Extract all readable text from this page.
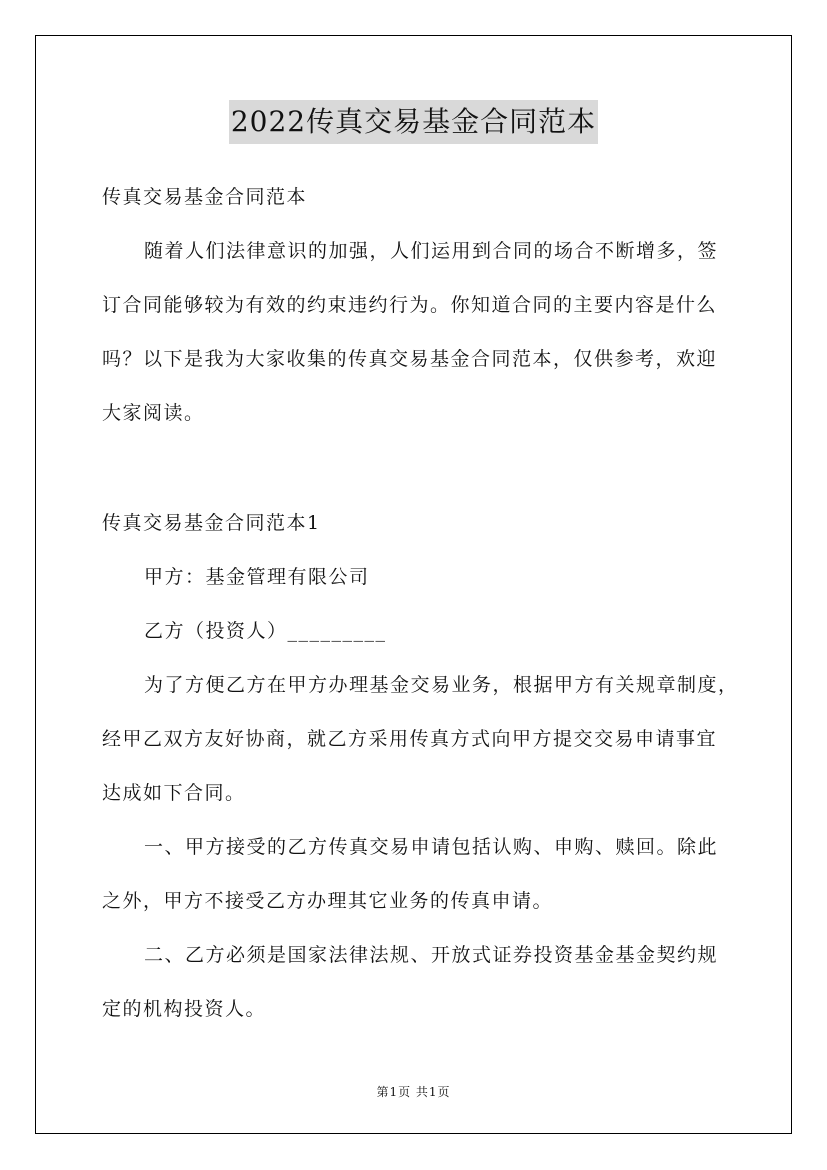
2022传真交易基金合同范本

传真交易基金合同范本

随着人们法律意识的加强，人们运用到合同的场合不断增多，签

订合同能够较为有效的约束违约行为。你知道合同的主要内容是什么

吗？以下是我为大家收集的传真交易基金合同范本，仅供参考，欢迎

大家阅读。

传真交易基金合同范本1

甲方：基金管理有限公司

乙方（投资人）_________

为了方便乙方在甲方办理基金交易业务，根据甲方有关规章制度，

经甲乙双方友好协商，就乙方采用传真方式向甲方提交交易申请事宜

达成如下合同。

一、甲方接受的乙方传真交易申请包括认购、申购、赎回。除此

之外，甲方不接受乙方办理其它业务的传真申请。

二、乙方必须是国家法律法规、开放式证券投资基金基金契约规

定的机构投资人。

第1页 共1页
